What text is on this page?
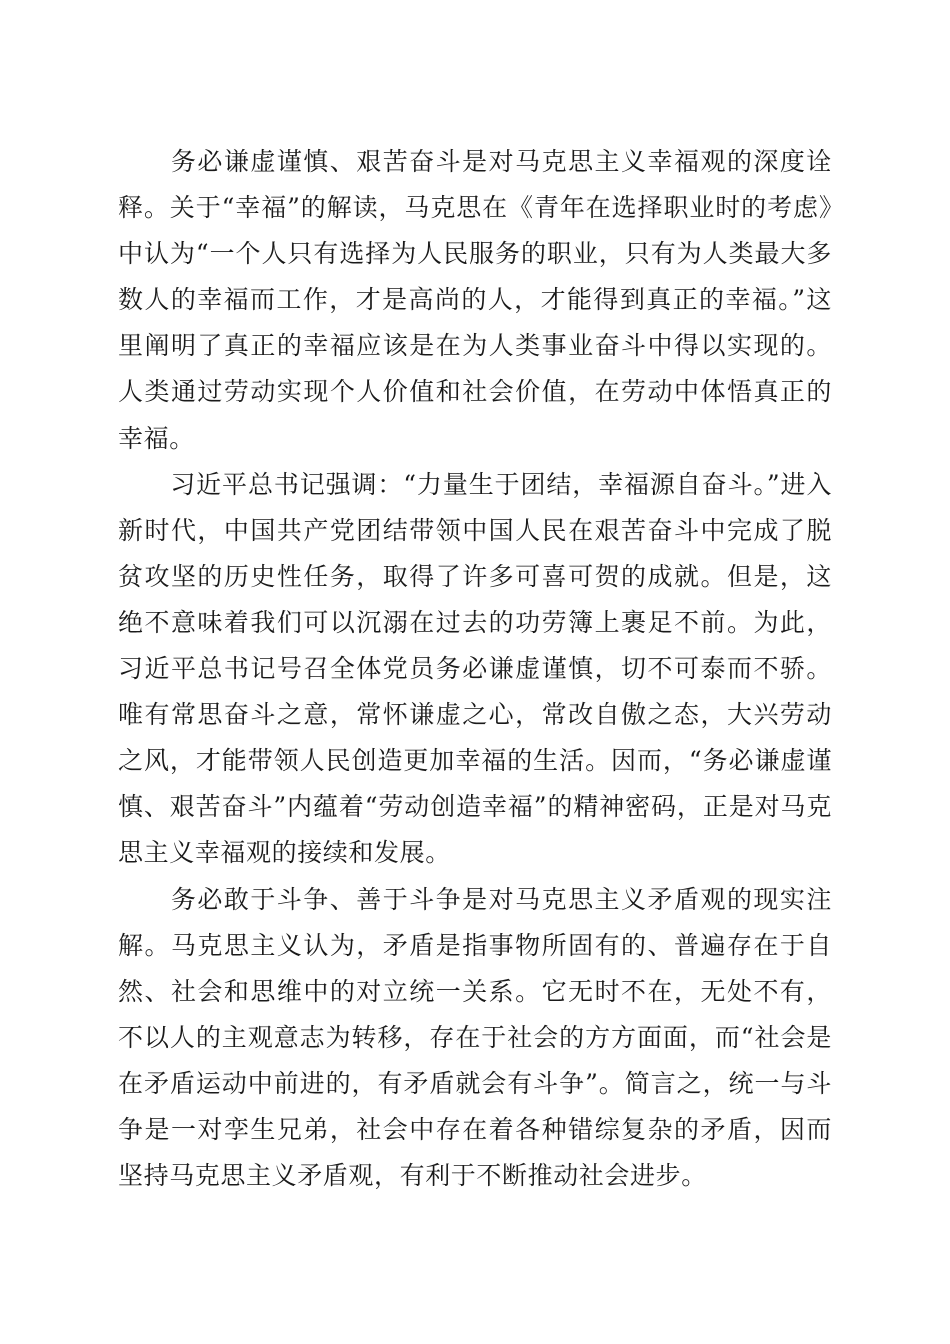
务必谦虚谨慎、艰苦奋斗是对马克思主义幸福观的深度诠释。关于“幸福”的解读，马克思在《青年在选择职业时的考虑》中认为“一个人只有选择为人民服务的职业，只有为人类最大多数人的幸福而工作，才是高尚的人，才能得到真正的幸福。”这里阐明了真正的幸福应该是在为人类事业奋斗中得以实现的。人类通过劳动实现个人价值和社会价值，在劳动中体悟真正的幸福。

习近平总书记强调：“力量生于团结，幸福源自奋斗。”进入新时代，中国共产党团结带领中国人民在艰苦奋斗中完成了脱贫攻坚的历史性任务，取得了许多可喜可贺的成就。但是，这绝不意味着我们可以沉溺在过去的功劳簿上裹足不前。为此，习近平总书记号召全体党员务必谦虚谨慎，切不可泰而不骄。唯有常思奋斗之意，常怀谦虚之心，常改自傲之态，大兴劳动之风，才能带领人民创造更加幸福的生活。因而，“务必谦虚谨慎、艰苦奋斗”内蕴着“劳动创造幸福”的精神密码，正是对马克思主义幸福观的接续和发展。

务必敢于斗争、善于斗争是对马克思主义矛盾观的现实注解。马克思主义认为，矛盾是指事物所固有的、普遍存在于自然、社会和思维中的对立统一关系。它无时不在，无处不有，不以人的主观意志为转移，存在于社会的方方面面，而“社会是在矛盾运动中前进的，有矛盾就会有斗争”。简言之，统一与斗争是一对孪生兄弟，社会中存在着各种错综复杂的矛盾，因而坚持马克思主义矛盾观，有利于不断推动社会进步。
